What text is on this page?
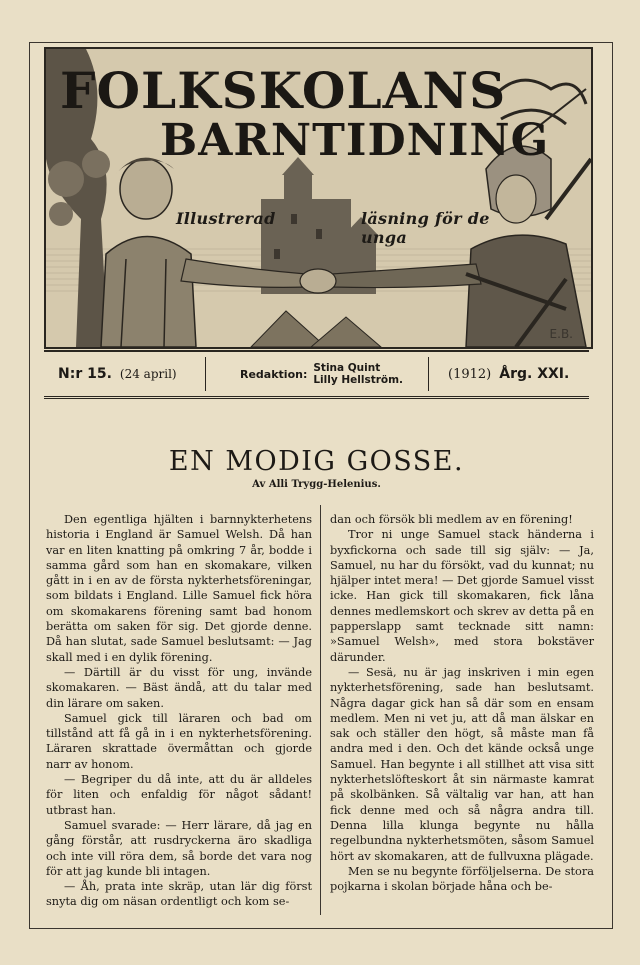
FOLKSKOLANS
BARNTIDNING
Illustrerad	läsning för de unga
E.B.
N:r 15. (24 april)	Redaktion: Stina Quint
Lilly Hellström.	(1912) Årg. XXI.
EN MODIG GOSSE.
Av Alli Trygg-Helenius.

Den egentliga hjälten i barnnykterhetens historia i England är Samuel Welsh. Då han var en liten knatting på omkring 7 år, bodde i samma gård som han en skomakare, vilken gått in i en av de första nykterhetsföreningar, som bildats i England. Lille Samuel fick höra om skomakarens förening samt bad honom berätta om saken för sig. Det gjorde denne. Då han slutat, sade Samuel beslutsamt: — Jag skall med i en dylik förening.

— Därtill är du visst för ung, invände skomakaren. — Bäst ändå, att du talar med din lärare om saken.

Samuel gick till läraren och bad om tillstånd att få gå in i en nykterhetsförening. Läraren skrattade övermåttan och gjorde narr av honom.

— Begriper du då inte, att du är alldeles för liten och enfaldig för något sådant! utbrast han.

Samuel svarade: — Herr lärare, då jag en gång förstår, att rusdryckerna äro skadliga och inte vill röra dem, så borde det vara nog för att jag kunde bli intagen.

— Åh, prata inte skräp, utan lär dig först snyta dig om näsan ordentligt och kom se-

dan och försök bli medlem av en förening!

Tror ni unge Samuel stack händerna i byxfickorna och sade till sig själv: — Ja, Samuel, nu har du försökt, vad du kunnat; nu hjälper intet mera! — Det gjorde Samuel visst icke. Han gick till skomakaren, fick låna dennes medlemskort och skrev av detta på en papperslapp samt tecknade sitt namn: »Samuel Welsh», med stora bokstäver därunder.

— Sesä, nu är jag inskriven i min egen nykterhetsförening, sade han beslutsamt. Några dagar gick han så där som en ensam medlem. Men ni vet ju, att då man älskar en sak och ställer den högt, så måste man få andra med i den. Och det kände också unge Samuel. Han begynte i all stillhet att visa sitt nykterhetslöfteskort åt sin närmaste kamrat på skolbänken. Så vältalig var han, att han fick denne med och så några andra till. Denna lilla klunga begynte nu hålla regelbundna nykterhetsmöten, såsom Samuel hört av skomakaren, att de fullvuxna plägade.

Men se nu begynte förföljelserna. De stora pojkarna i skolan började håna och be-
